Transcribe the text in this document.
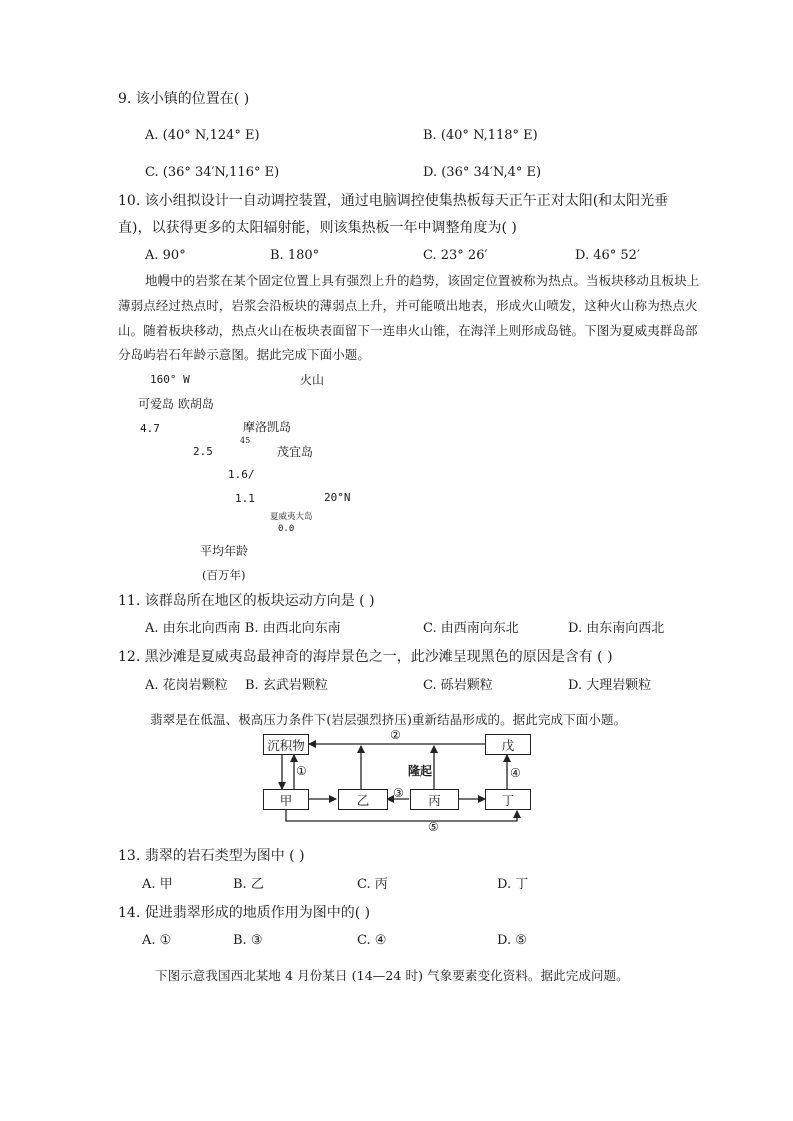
9. 该小镇的位置在( )
A. (40° N,124° E)	B. (40° N,118° E)
C. (36° 34′N,116° E)	D. (36° 34′N,4° E)
10. 该小组拟设计一自动调控装置，通过电脑调控使集热板每天正午正对太阳(和太阳光垂
直)，以获得更多的太阳辐射能，则该集热板一年中调整角度为( )
A. 90°	B. 180°	C. 23° 26′	D. 46° 52′
地幔中的岩浆在某个固定位置上具有强烈上升的趋势，该固定位置被称为热点。当板块移动且板块上
薄弱点经过热点时，岩浆会沿板块的薄弱点上升，并可能喷出地表，形成火山喷发，这种火山称为热点火
山。随着板块移动，热点火山在板块表面留下一连串火山锥，在海洋上则形成岛链。下图为夏威夷群岛部
分岛屿岩石年龄示意图。据此完成下面小题。
160° W	火山
可爱岛 欧胡岛
4.7	摩洛凯岛
45
2.5	茂宜岛
1.6/
1.1	20°N
夏威夷大岛
0.0
平均年龄
(百万年)
11. 该群岛所在地区的板块运动方向是 ( )
A. 由东北向西南 B. 由西北向东南	C. 由西南向东北	D. 由东南向西北
12. 黑沙滩是夏威夷岛最神奇的海岸景色之一，此沙滩呈现黑色的原因是含有 ( )
A. 花岗岩颗粒 B. 玄武岩颗粒	C. 砾岩颗粒	D. 大理岩颗粒
翡翠是在低温、极高压力条件下(岩层强烈挤压)重新结晶形成的。据此完成下面小题。
沉积物	戊
甲	乙	丙	丁
①
②
③
④
⑤
隆起
13. 翡翠的岩石类型为图中 ( )
A. 甲	B. 乙	C. 丙	D. 丁
14. 促进翡翠形成的地质作用为图中的( )
A. ①	B. ③	C. ④	D. ⑤
下图示意我国西北某地 4 月份某日 (14—24 时) 气象要素变化资料。据此完成问题。
